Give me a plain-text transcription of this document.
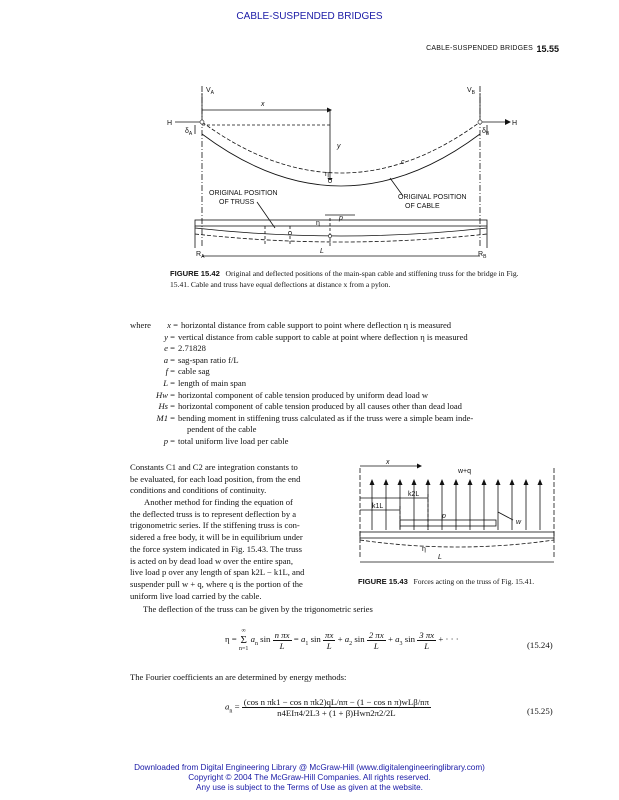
CABLE-SUSPENDED BRIDGES
CABLE-SUSPENDED BRIDGES 15.55
$V_A$	$V_B$
H	H
x
y
c
η
$\delta_A$	$\delta_B$
ORIGINAL POSITION
OF TRUSS
ORIGINAL POSITION
OF CABLE
η
p
L
$R_A$	$R_B$
FIGURE 15.42 Original and deflected positions of the main-span cable and stiffening truss for the bridge in Fig. 15.41. Cable and truss have equal deflections at distance x from a pylon.
where	x = horizontal distance from cable support to point where deflection η is measured
y = vertical distance from cable support to cable at point where deflection η is measured
e = 2.71828
a = sag-span ratio f/L
f = cable sag
L = length of main span
Hw = horizontal component of cable tension produced by uniform dead load w
Hs = horizontal component of cable tension produced by all causes other than dead load
M1 = bending moment in stiffening truss calculated as if the truss were a simple beam inde-
pendent of the cable
p = total uniform live load per cable
Constants C1 and C2 are integration constants to
be evaluated, for each load position, from the end
conditions and conditions of continuity.
Another method for finding the equation of
the deflected truss is to represent deflection by a
trigonometric series. If the stiffening truss is con-
sidered a free body, it will be in equilibrium under
the force system indicated in Fig. 15.43. The truss
is acted on by dead load w over the entire span,
live load p over any length of span k2L − k1L, and
suspender pull w + q, where q is the portion of the
uniform live load carried by the cable.
x
w+q
k2L
k1L
p
w
η
L
FIGURE 15.43 Forces acting on the truss of Fig. 15.41.
The deflection of the truss can be given by the trigonometric series
η =
∞
Σ
n=1
$a_n$ $\sin \frac{\text{n πx}}{L} = a_1$ $\sin \frac{\pi x}{L} + a_2$ $\sin \frac{2 \pi x}{L} + a_3$ $\sin \frac{3 \pi x}{L}$ + · · ·
(15.24)
The Fourier coefficients an are determined by energy methods:
$a_n = \frac{\text{(cos n πk1 − cos n πk2)qL/nπ − (1 − cos n π)wLβ/nπ}}{\text{n4EIπ4/2L3 + (1 + β)Hwn2π2/2L}}$	(15.25)
Downloaded from Digital Engineering Library @ McGraw-Hill (www.digitalengineeringlibrary.com)
Copyright © 2004 The McGraw-Hill Companies. All rights reserved.
Any use is subject to the Terms of Use as given at the website.
